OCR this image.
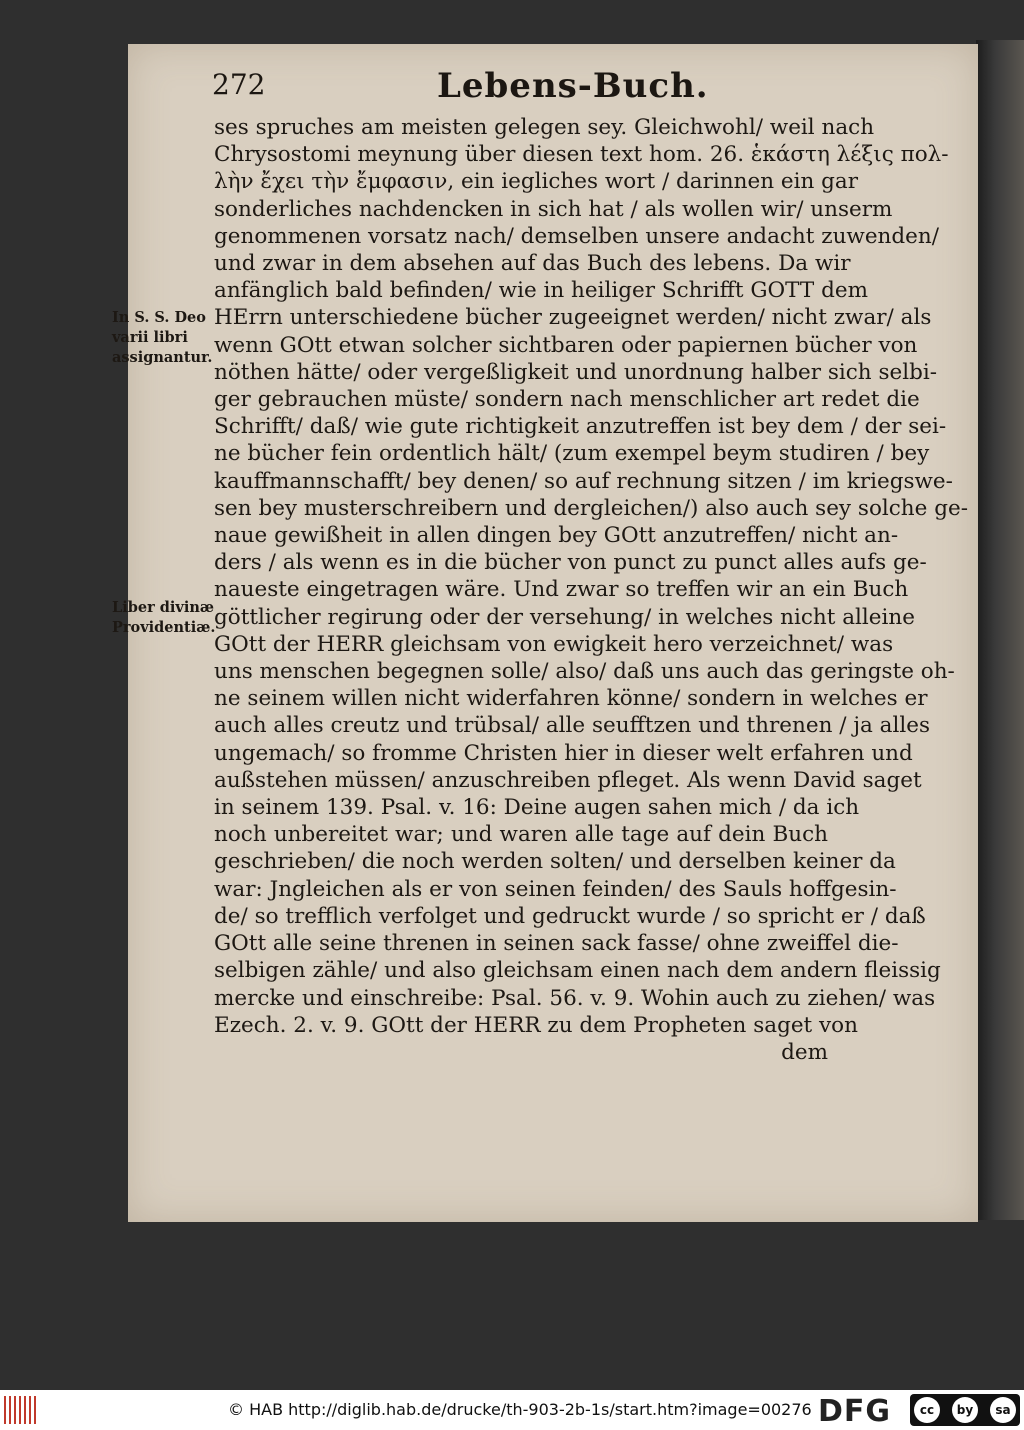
272	Lebens-Buch.
In S. S. Deo varii libri assignantur.
Liber divinæ Providentiæ.
ses spruches am meisten gelegen sey. Gleichwohl/ weil nach
Chrysostomi meynung über diesen text hom. 26. ἑκάστη λέξις πολ-
λὴν ἔχει τὴν ἔμφασιν, ein iegliches wort / darinnen ein gar
sonderliches nachdencken in sich hat / als wollen wir/ unserm
genommenen vorsatz nach/ demselben unsere andacht zuwenden/
und zwar in dem absehen auf das Buch des lebens. Da wir
anfänglich bald befinden/ wie in heiliger Schrifft GOTT dem
HErrn unterschiedene bücher zugeeignet werden/ nicht zwar/ als
wenn GOtt etwan solcher sichtbaren oder papiernen bücher von
nöthen hätte/ oder vergeßligkeit und unordnung halber sich selbi-
ger gebrauchen müste/ sondern nach menschlicher art redet die
Schrifft/ daß/ wie gute richtigkeit anzutreffen ist bey dem / der sei-
ne bücher fein ordentlich hält/ (zum exempel beym studiren / bey
kauffmannschafft/ bey denen/ so auf rechnung sitzen / im kriegswe-
sen bey musterschreibern und dergleichen/) also auch sey solche ge-
naue gewißheit in allen dingen bey GOtt anzutreffen/ nicht an-
ders / als wenn es in die bücher von punct zu punct alles aufs ge-
naueste eingetragen wäre. Und zwar so treffen wir an ein Buch
göttlicher regirung oder der versehung/ in welches nicht alleine
GOtt der HERR gleichsam von ewigkeit hero verzeichnet/ was
uns menschen begegnen solle/ also/ daß uns auch das geringste oh-
ne seinem willen nicht widerfahren könne/ sondern in welches er
auch alles creutz und trübsal/ alle seufftzen und threnen / ja alles
ungemach/ so fromme Christen hier in dieser welt erfahren und
außstehen müssen/ anzuschreiben pfleget. Als wenn David saget
in seinem 139. Psal. v. 16: Deine augen sahen mich / da ich
noch unbereitet war; und waren alle tage auf dein Buch
geschrieben/ die noch werden solten/ und derselben keiner da
war: Jngleichen als er von seinen feinden/ des Sauls hoffgesin-
de/ so trefflich verfolget und gedruckt wurde / so spricht er / daß
GOtt alle seine threnen in seinen sack fasse/ ohne zweiffel die-
selbigen zähle/ und also gleichsam einen nach dem andern fleissig
mercke und einschreibe: Psal. 56. v. 9. Wohin auch zu ziehen/ was
Ezech. 2. v. 9. GOtt der HERR zu dem Propheten saget von
dem
© HAB http://diglib.hab.de/drucke/th-903-2b-1s/start.htm?image=00276 DFG	cc	by	sa
